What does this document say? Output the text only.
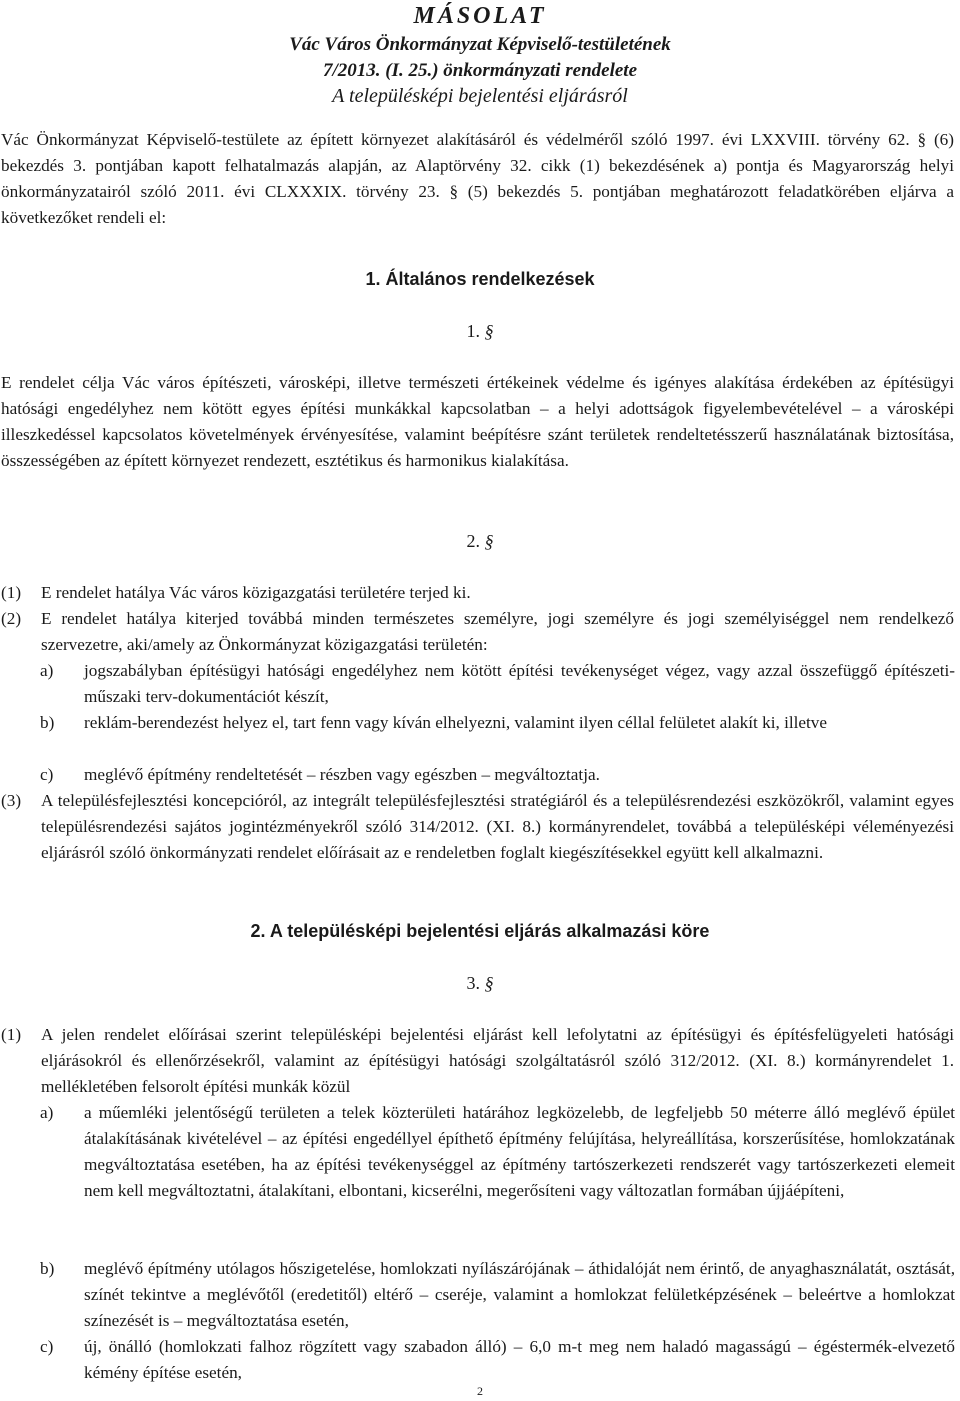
MÁSOLAT
Vác Város Önkormányzat Képviselő-testületének
7/2013. (I. 25.) önkormányzati rendelete
A településképi bejelentési eljárásról
Vác Önkormányzat Képviselő-testülete az épített környezet alakításáról és védelméről szóló 1997. évi LXXVIII. törvény 62. § (6) bekezdés 3. pontjában kapott felhatalmazás alapján, az Alaptörvény 32. cikk (1) bekezdésének a) pontja és Magyarország helyi önkormányzatairól szóló 2011. évi CLXXXIX. törvény 23. § (5) bekezdés 5. pontjában meghatározott feladatkörében eljárva a következőket rendeli el:
1. Általános rendelkezések
1. §
E rendelet célja Vác város építészeti, városképi, illetve természeti értékeinek védelme és igényes alakítása érdekében az építésügyi hatósági engedélyhez nem kötött egyes építési munkákkal kapcsolatban – a helyi adottságok figyelembevételével – a városképi illeszkedéssel kapcsolatos követelmények érvényesítése, valamint beépítésre szánt területek rendeltetésszerű használatának biztosítása, összességében az épített környezet rendezett, esztétikus és harmonikus kialakítása.
2. §
(1)	E rendelet hatálya Vác város közigazgatási területére terjed ki.
(2)	E rendelet hatálya kiterjed továbbá minden természetes személyre, jogi személyre és jogi személyiséggel nem rendelkező szervezetre, aki/amely az Önkormányzat közigazgatási területén:
a)	jogszabályban építésügyi hatósági engedélyhez nem kötött építési tevékenységet végez, vagy azzal összefüggő építészeti-műszaki terv-dokumentációt készít,
b)	reklám-berendezést helyez el, tart fenn vagy kíván elhelyezni, valamint ilyen céllal felületet alakít ki, illetve
c)	meglévő építmény rendeltetését – részben vagy egészben – megváltoztatja.
(3)	A településfejlesztési koncepcióról, az integrált településfejlesztési stratégiáról és a településrendezési eszközökről, valamint egyes településrendezési sajátos jogintézményekről szóló 314/2012. (XI. 8.) kormányrendelet, továbbá a településképi véleményezési eljárásról szóló önkormányzati rendelet előírásait az e rendeletben foglalt kiegészítésekkel együtt kell alkalmazni.
2. A településképi bejelentési eljárás alkalmazási köre
3. §
(1)	A jelen rendelet előírásai szerint településképi bejelentési eljárást kell lefolytatni az építésügyi és építésfelügyeleti hatósági eljárásokról és ellenőrzésekről, valamint az építésügyi hatósági szolgáltatásról szóló 312/2012. (XI. 8.) kormányrendelet 1. mellékletében felsorolt építési munkák közül
a)	a műemléki jelentőségű területen a telek közterületi határához legközelebb, de legfeljebb 50 méterre álló meglévő épület átalakításának kivételével – az építési engedéllyel építhető építmény felújítása, helyreállítása, korszerűsítése, homlokzatának megváltoztatása esetében, ha az építési tevékenységgel az építmény tartószerkezeti rendszerét vagy tartószerkezeti elemeit nem kell megváltoztatni, átalakítani, elbontani, kicserélni, megerősíteni vagy változatlan formában újjáépíteni,
b)	meglévő építmény utólagos hőszigetelése, homlokzati nyílászárójának – áthidalóját nem érintő, de anyaghasználatát, osztását, színét tekintve a meglévőtől (eredetitől) eltérő – cseréje, valamint a homlokzat felületképzésének – beleértve a homlokzat színezését is – megváltoztatása esetén,
c)	új, önálló (homlokzati falhoz rögzített vagy szabadon álló) – 6,0 m-t meg nem haladó magasságú – égéstermék-elvezető kémény építése esetén,
2
